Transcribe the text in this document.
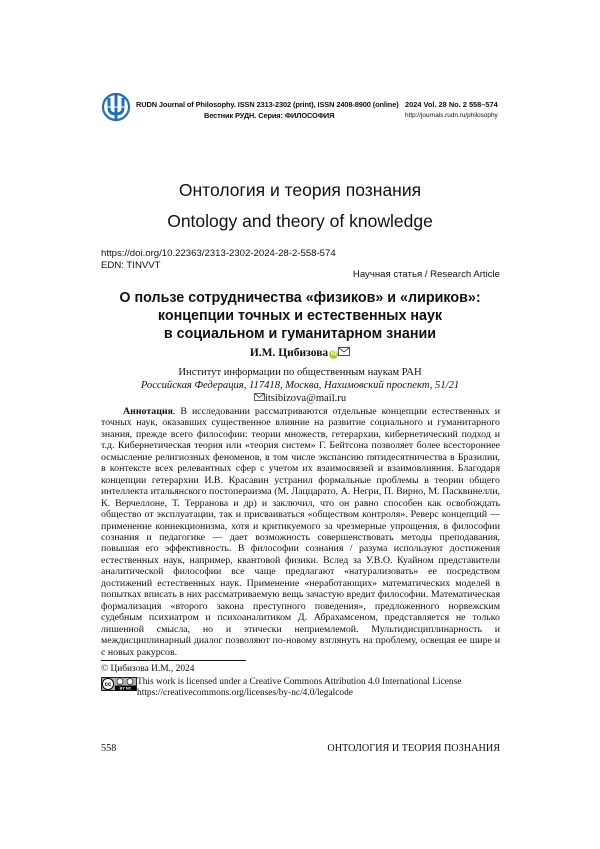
RUDN Journal of Philosophy. ISSN 2313-2302 (print), ISSN 2408-8900 (online)
Вестник РУДН. Серия: ФИЛОСОФИЯ
2024 Vol. 28 No. 2 558–574
http://journals.rudn.ru/philosophy
Онтология и теория познания
Ontology and theory of knowledge
https://doi.org/10.22363/2313-2302-2024-28-2-558-574
EDN: TINVVT
Научная статья / Research Article
О пользе сотрудничества «физиков» и «лириков»:
концепции точных и естественных наук
в социальном и гуманитарном знании
И.М. Цибизова iD
Институт информации по общественным наукам РАН
Российская Федерация, 117418, Москва, Нахимовский проспект, 51/21
itsibizova@mail.ru

Аннотация. В исследовании рассматриваются отдельные концепции естественных и точных наук, оказавших существенное влияние на развитие социального и гуманитарного знания, прежде всего философии: теории множеств, гетерархии, кибернетический подход и т.д. Кибернетическая теория или «теория систем» Г. Бейтсона позволяет более всестороннее осмысление религиозных феноменов, в том числе экспансию пятидесятничества в Бразилии, в контексте всех релевантных сфер с учетом их взаимосвязей и взаимовлияния. Благодаря концепции гетерархии И.В. Красавин устранил формальные проблемы в теории общего интеллекта итальянского постопераизма (М. Лаццарато, А. Негри, П. Вирно, М. Пасквинелли, К. Верчеллоне, Т. Терранова и др) и заключил, что он равно способен как освобождать общество от эксплуатации, так и присваиваться «обществом контроля». Реверс концепций — применение коннекционизма, хотя и критикуемого за чрезмерные упрощения, в философии сознания и педагогике — дает возможность совершенствовать методы преподавания, повышая его эффективность. В философии сознания / разума используют достижения естественных наук, например, квантовой физики. Вслед за У.В.О. Куайном представители аналитической философии все чаще предлагают «натурализовать» ее посредством достижений естественных наук. Применение «неработающих» математических моделей в попытках вписать в них рассматриваемую вещь зачастую вредит философии. Математическая формализация «второго закона преступного поведения», предложенного норвежским судебным психиатром и психоаналитиком Д. Абрахамсеном, представляется не только лишенной смысла, но и этически неприемлемой. Мультидисциплинарность и междисциплинарный диалог позволяют по-новому взглянуть на проблему, освещая ее шире и с новых ракурсов.

© Цибизова И.М., 2024
cc
BY NC
This work is licensed under a Creative Commons Attribution 4.0 International License
https://creativecommons.org/licenses/by-nc/4.0/legalcode
558	ОНТОЛОГИЯ И ТЕОРИЯ ПОЗНАНИЯ
